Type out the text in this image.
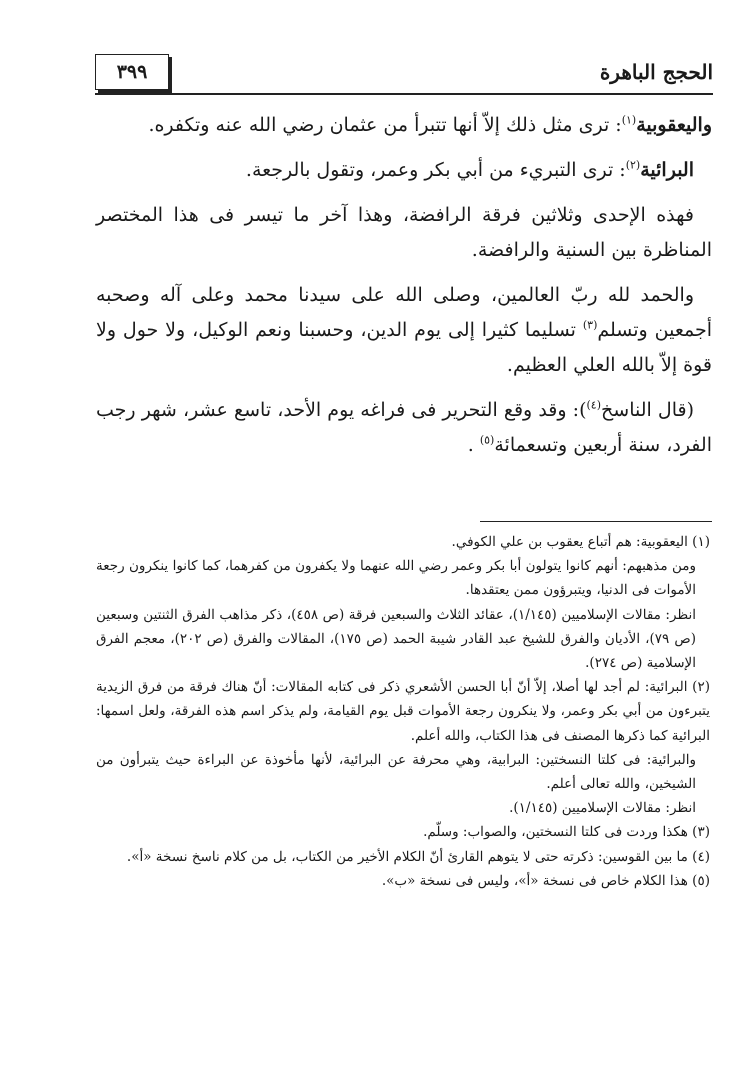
٣٩٩	الحجج الباهرة

واليعقوبية$^{(١)}$: ترى مثل ذلك إلاّ أنها تتبرأ من عثمان رضي الله عنه وتكفره.

البرائية$^{(٢)}$: ترى التبريء من أبي بكر وعمر، وتقول بالرجعة.

فهذه الإحدى وثلاثين فرقة الرافضة، وهذا آخر ما تيسر فى هذا المختصر المناظرة بين السنية والرافضة.

والحمد لله ربّ العالمين، وصلى الله على سيدنا محمد وعلى آله وصحبه أجمعين وتسلم$^{(٣)}$ تسليما كثيرا إلى يوم الدين، وحسبنا ونعم الوكيل، ولا حول ولا قوة إلاّ بالله العلي العظيم.

(قال الناسخ$^{(٤)}$): وقد وقع التحرير فى فراغه يوم الأحد، تاسع عشر، شهر رجب الفرد، سنة أربعين وتسعمائة$^{(٥)}$ .

(١) اليعقوبية: هم أتباع يعقوب بن علي الكوفي.

ومن مذهبهم: أنهم كانوا يتولون أبا بكر وعمر رضي الله عنهما ولا يكفرون من كفرهما، كما كانوا ينكرون رجعة الأموات فى الدنيا، ويتبرؤون ممن يعتقدها.

انظر: مقالات الإسلاميين (١/١٤٥)، عقائد الثلاث والسبعين فرقة (ص ٤٥٨)، ذكر مذاهب الفرق الثنتين وسبعين (ص ٧٩)، الأديان والفرق للشيخ عبد القادر شيبة الحمد (ص ١٧٥)، المقالات والفرق (ص ٢٠٢)، معجم الفرق الإسلامية (ص ٢٧٤).

(٢) البرائية: لم أجد لها أصلا، إلاّ أنّ أبا الحسن الأشعري ذكر فى كتابه المقالات: أنّ هناك فرقة من فرق الزيدية يتبرءون من أبي بكر وعمر، ولا ينكرون رجعة الأموات قبل يوم القيامة، ولم يذكر اسم هذه الفرقة، ولعل اسمها: البرائية كما ذكرها المصنف فى هذا الكتاب، والله أعلم.

والبرائية: فى كلتا النسختين: البرابية، وهي محرفة عن البرائية، لأنها مأخوذة عن البراءة حيث يتبرأون من الشيخين، والله تعالى أعلم.

انظر: مقالات الإسلاميين (١/١٤٥).

(٣) هكذا وردت فى كلتا النسختين، والصواب: وسلّم.

(٤) ما بين القوسين: ذكرته حتى لا يتوهم القارئ أنّ الكلام الأخير من الكتاب، بل من كلام ناسخ نسخة «أ».

(٥) هذا الكلام خاص فى نسخة «أ»، وليس فى نسخة «ب».
